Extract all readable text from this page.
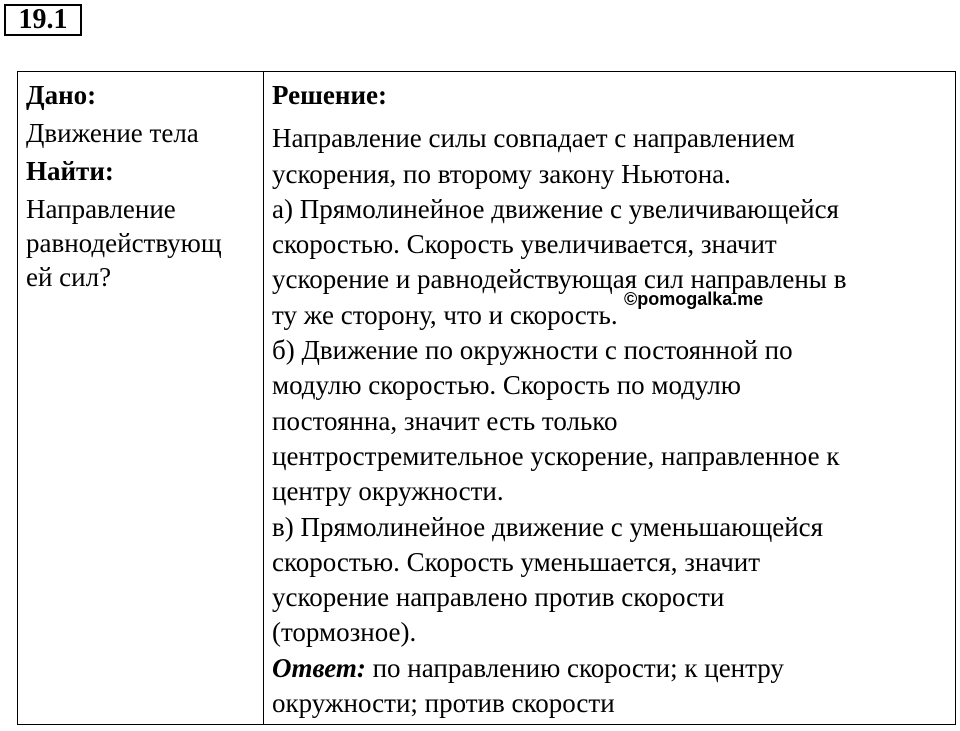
19.1
Дано:
Движение тела
Найти:
Направление
равнодействующ
ей сил?
Решение:
Направление силы совпадает с направлением
ускорения, по второму закону Ньютона.
а) Прямолинейное движение с увеличивающейся
скоростью. Скорость увеличивается, значит
ускорение и равнодействующая сил направлены в
ту же сторону, что и скорость.
б) Движение по окружности с постоянной по
модулю скоростью. Скорость по модулю
постоянна, значит есть только
центростремительное ускорение, направленное к
центру окружности.
в) Прямолинейное движение с уменьшающейся
скоростью. Скорость уменьшается, значит
ускорение направлено против скорости
(тормозное).
Ответ: по направлению скорости; к центру
окружности; против скорости
©pomogalka.me
